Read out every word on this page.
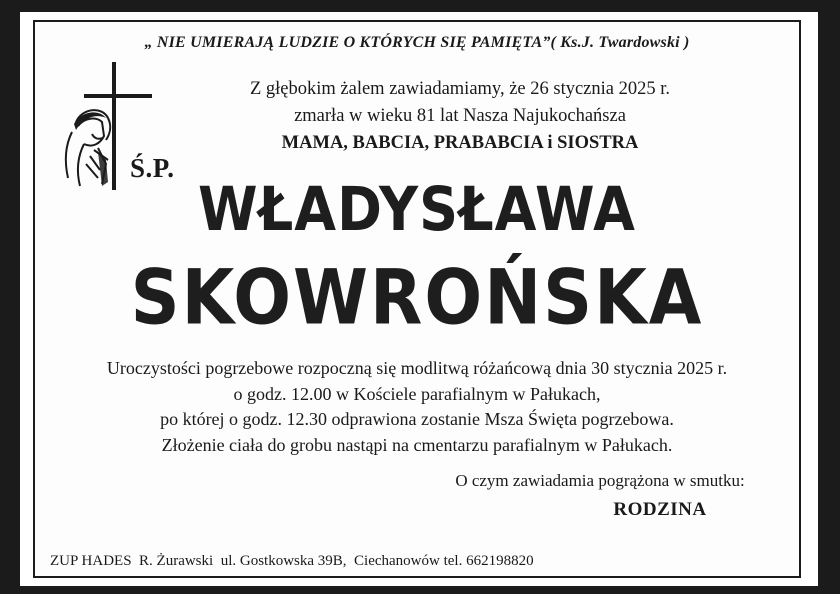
„ NIE UMIERAJĄ LUDZIE O KTÓRYCH SIĘ PAMIĘTA”( Ks.J. Twardowski )
Z głębokim żalem zawiadamiamy, że 26 stycznia 2025 r.
zmarła w wieku 81 lat Nasza Najukochańsza
MAMA, BABCIA, PRABABCIA i SIOSTRA
Ś.P.
WŁADYSŁAWA
SKOWROŃSKA
Uroczystości pogrzebowe rozpoczną się modlitwą różańcową dnia 30 stycznia 2025 r.
o godz. 12.00 w Kościele parafialnym w Pałukach,
po której o godz. 12.30 odprawiona zostanie Msza Święta pogrzebowa.
Złożenie ciała do grobu nastąpi na cmentarzu parafialnym w Pałukach.
O czym zawiadamia pogrążona w smutku:
RODZINA
ZUP HADES  R. Żurawski  ul. Gostkowska 39B,  Ciechanowów tel. 662198820
